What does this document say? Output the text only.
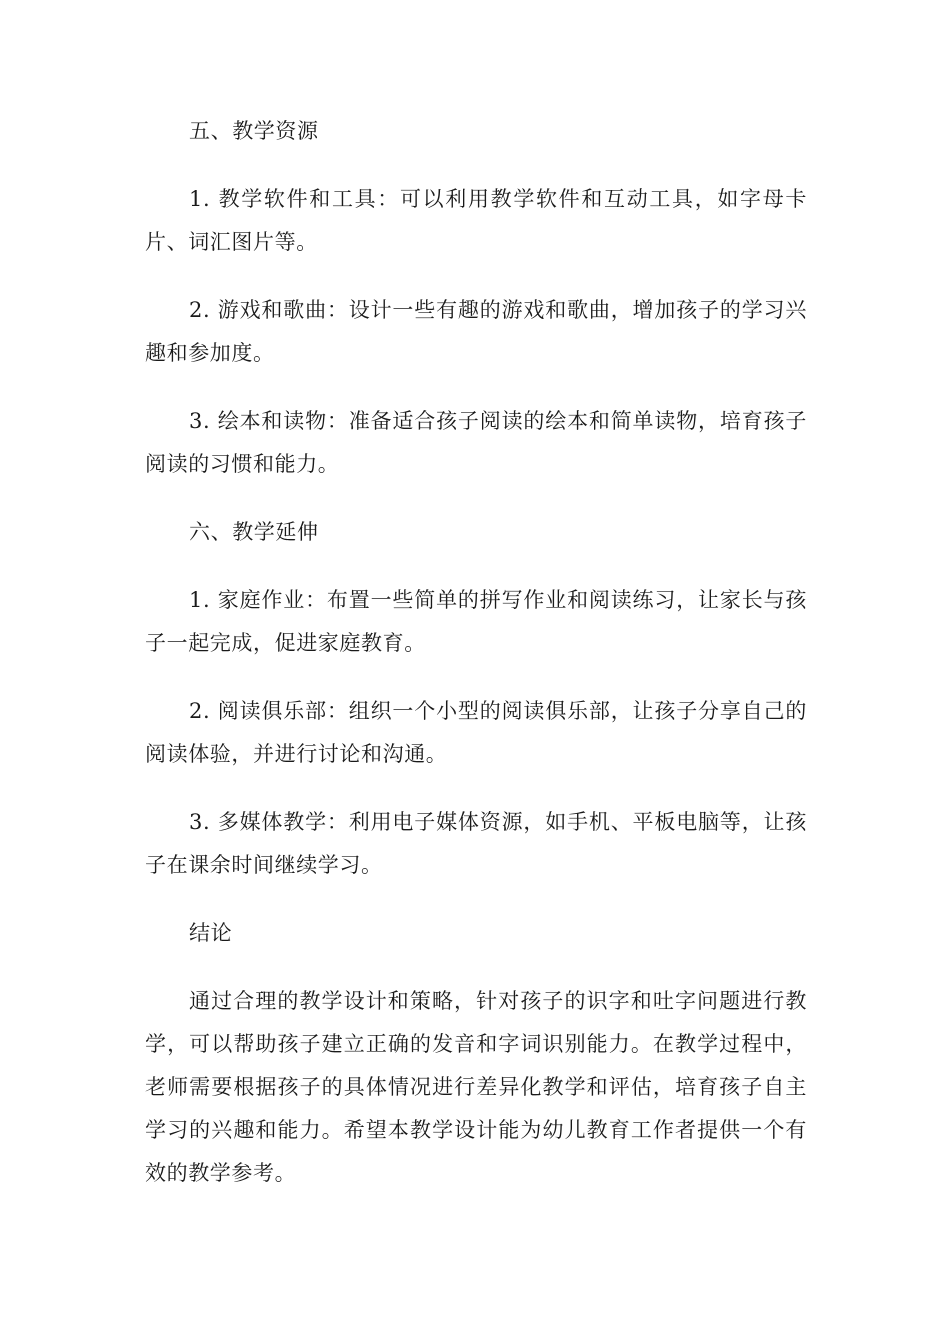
五、教学资源

1. 教学软件和工具：可以利用教学软件和互动工具，如字母卡片、词汇图片等。

2. 游戏和歌曲：设计一些有趣的游戏和歌曲，增加孩子的学习兴趣和参加度。

3. 绘本和读物：准备适合孩子阅读的绘本和简单读物，培育孩子阅读的习惯和能力。

六、教学延伸

1. 家庭作业：布置一些简单的拼写作业和阅读练习，让家长与孩子一起完成，促进家庭教育。

2. 阅读俱乐部：组织一个小型的阅读俱乐部，让孩子分享自己的阅读体验，并进行讨论和沟通。

3. 多媒体教学：利用电子媒体资源，如手机、平板电脑等，让孩子在课余时间继续学习。

结论

通过合理的教学设计和策略，针对孩子的识字和吐字问题进行教学，可以帮助孩子建立正确的发音和字词识别能力。在教学过程中，老师需要根据孩子的具体情况进行差异化教学和评估，培育孩子自主学习的兴趣和能力。希望本教学设计能为幼儿教育工作者提供一个有效的教学参考。
